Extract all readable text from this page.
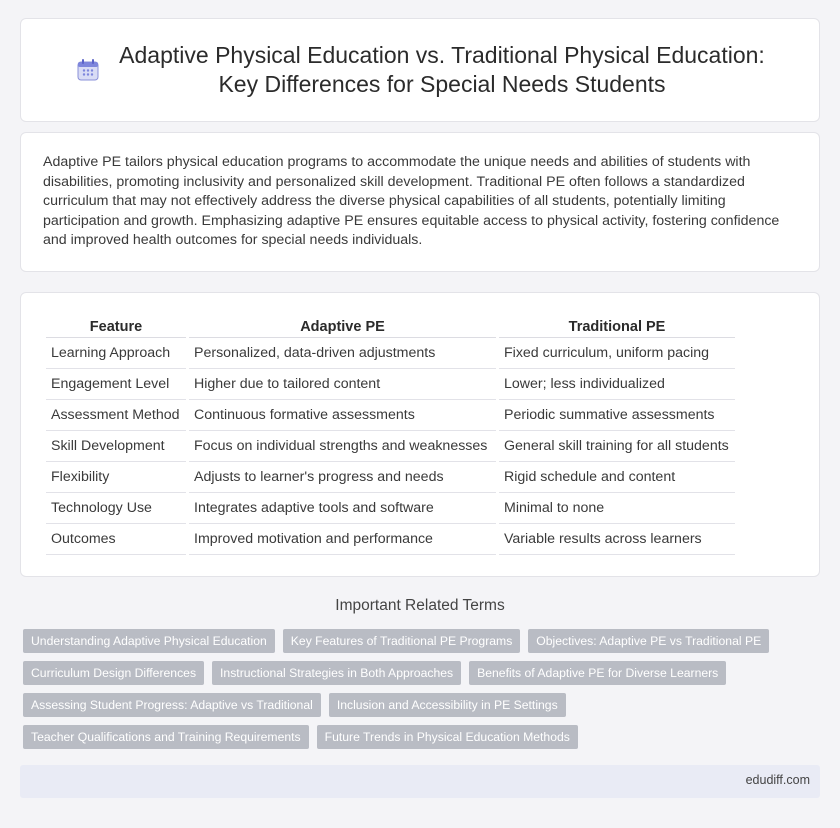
Adaptive Physical Education vs. Traditional Physical Education:
Key Differences for Special Needs Students

Adaptive PE tailors physical education programs to accommodate the unique needs and abilities of students with disabilities, promoting inclusivity and personalized skill development. Traditional PE often follows a standardized curriculum that may not effectively address the diverse physical capabilities of all students, potentially limiting participation and growth. Emphasizing adaptive PE ensures equitable access to physical activity, fostering confidence and improved health outcomes for special needs individuals.

Feature	Adaptive PE	Traditional PE
Learning Approach	Personalized, data-driven adjustments	Fixed curriculum, uniform pacing
Engagement Level	Higher due to tailored content	Lower; less individualized
Assessment Method	Continuous formative assessments	Periodic summative assessments
Skill Development	Focus on individual strengths and weaknesses	General skill training for all students
Flexibility	Adjusts to learner's progress and needs	Rigid schedule and content
Technology Use	Integrates adaptive tools and software	Minimal to none
Outcomes	Improved motivation and performance	Variable results across learners
Important Related Terms
Understanding Adaptive Physical Education	Key Features of Traditional PE Programs	Objectives: Adaptive PE vs Traditional PE
Curriculum Design Differences	Instructional Strategies in Both Approaches	Benefits of Adaptive PE for Diverse Learners
Assessing Student Progress: Adaptive vs Traditional	Inclusion and Accessibility in PE Settings
Teacher Qualifications and Training Requirements	Future Trends in Physical Education Methods
edudiff.com
